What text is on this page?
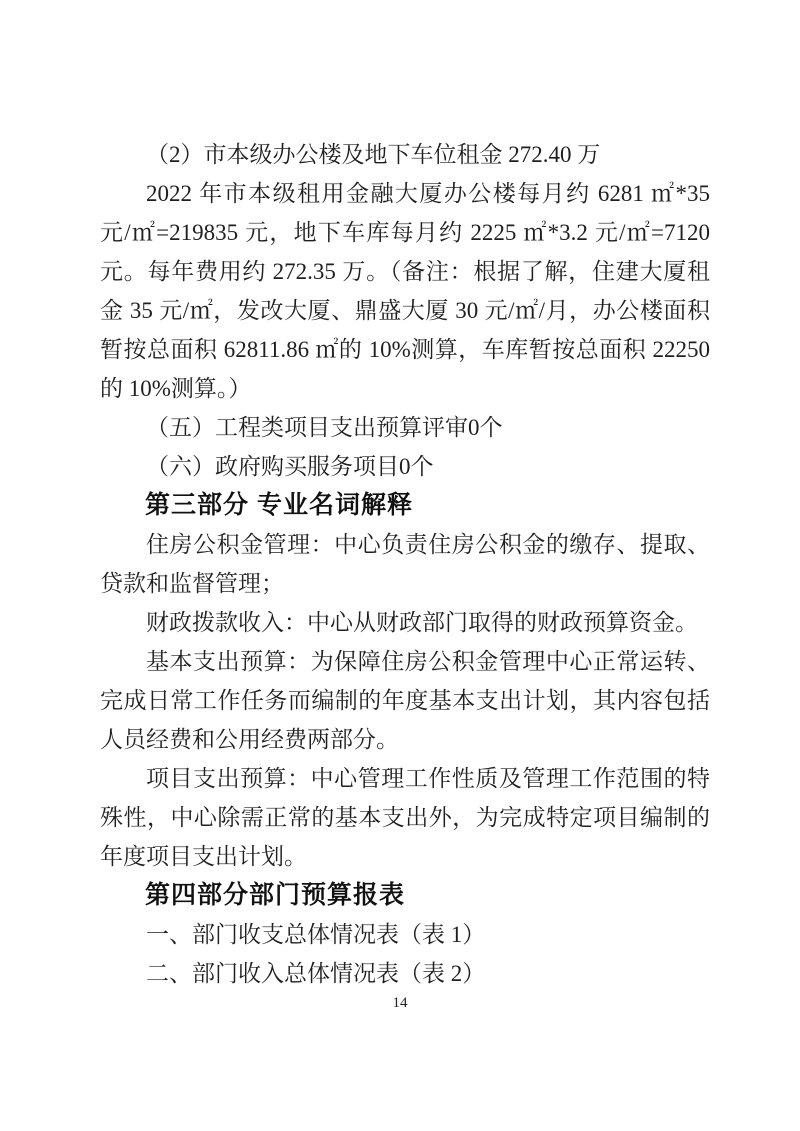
（2）市本级办公楼及地下车位租金 272.40 万

2022 年市本级租用金融大厦办公楼每月约 6281 ㎡*35 元/㎡=219835 元，地下车库每月约 2225 ㎡*3.2 元/㎡=7120 元。每年费用约 272.35 万。（备注：根据了解，住建大厦租金 35 元/㎡，发改大厦、鼎盛大厦 30 元/㎡/月，办公楼面积暂按总面积 62811.86 ㎡的 10%测算，车库暂按总面积 22250 的 10%测算。）

（五）工程类项目支出预算评审0个

（六）政府购买服务项目0个

第三部分 专业名词解释

住房公积金管理：中心负责住房公积金的缴存、提取、贷款和监督管理；

财政拨款收入：中心从财政部门取得的财政预算资金。

基本支出预算：为保障住房公积金管理中心正常运转、完成日常工作任务而编制的年度基本支出计划，其内容包括人员经费和公用经费两部分。

项目支出预算：中心管理工作性质及管理工作范围的特殊性，中心除需正常的基本支出外，为完成特定项目编制的年度项目支出计划。

第四部分部门预算报表

一、部门收支总体情况表（表 1）

二、部门收入总体情况表（表 2）

14
